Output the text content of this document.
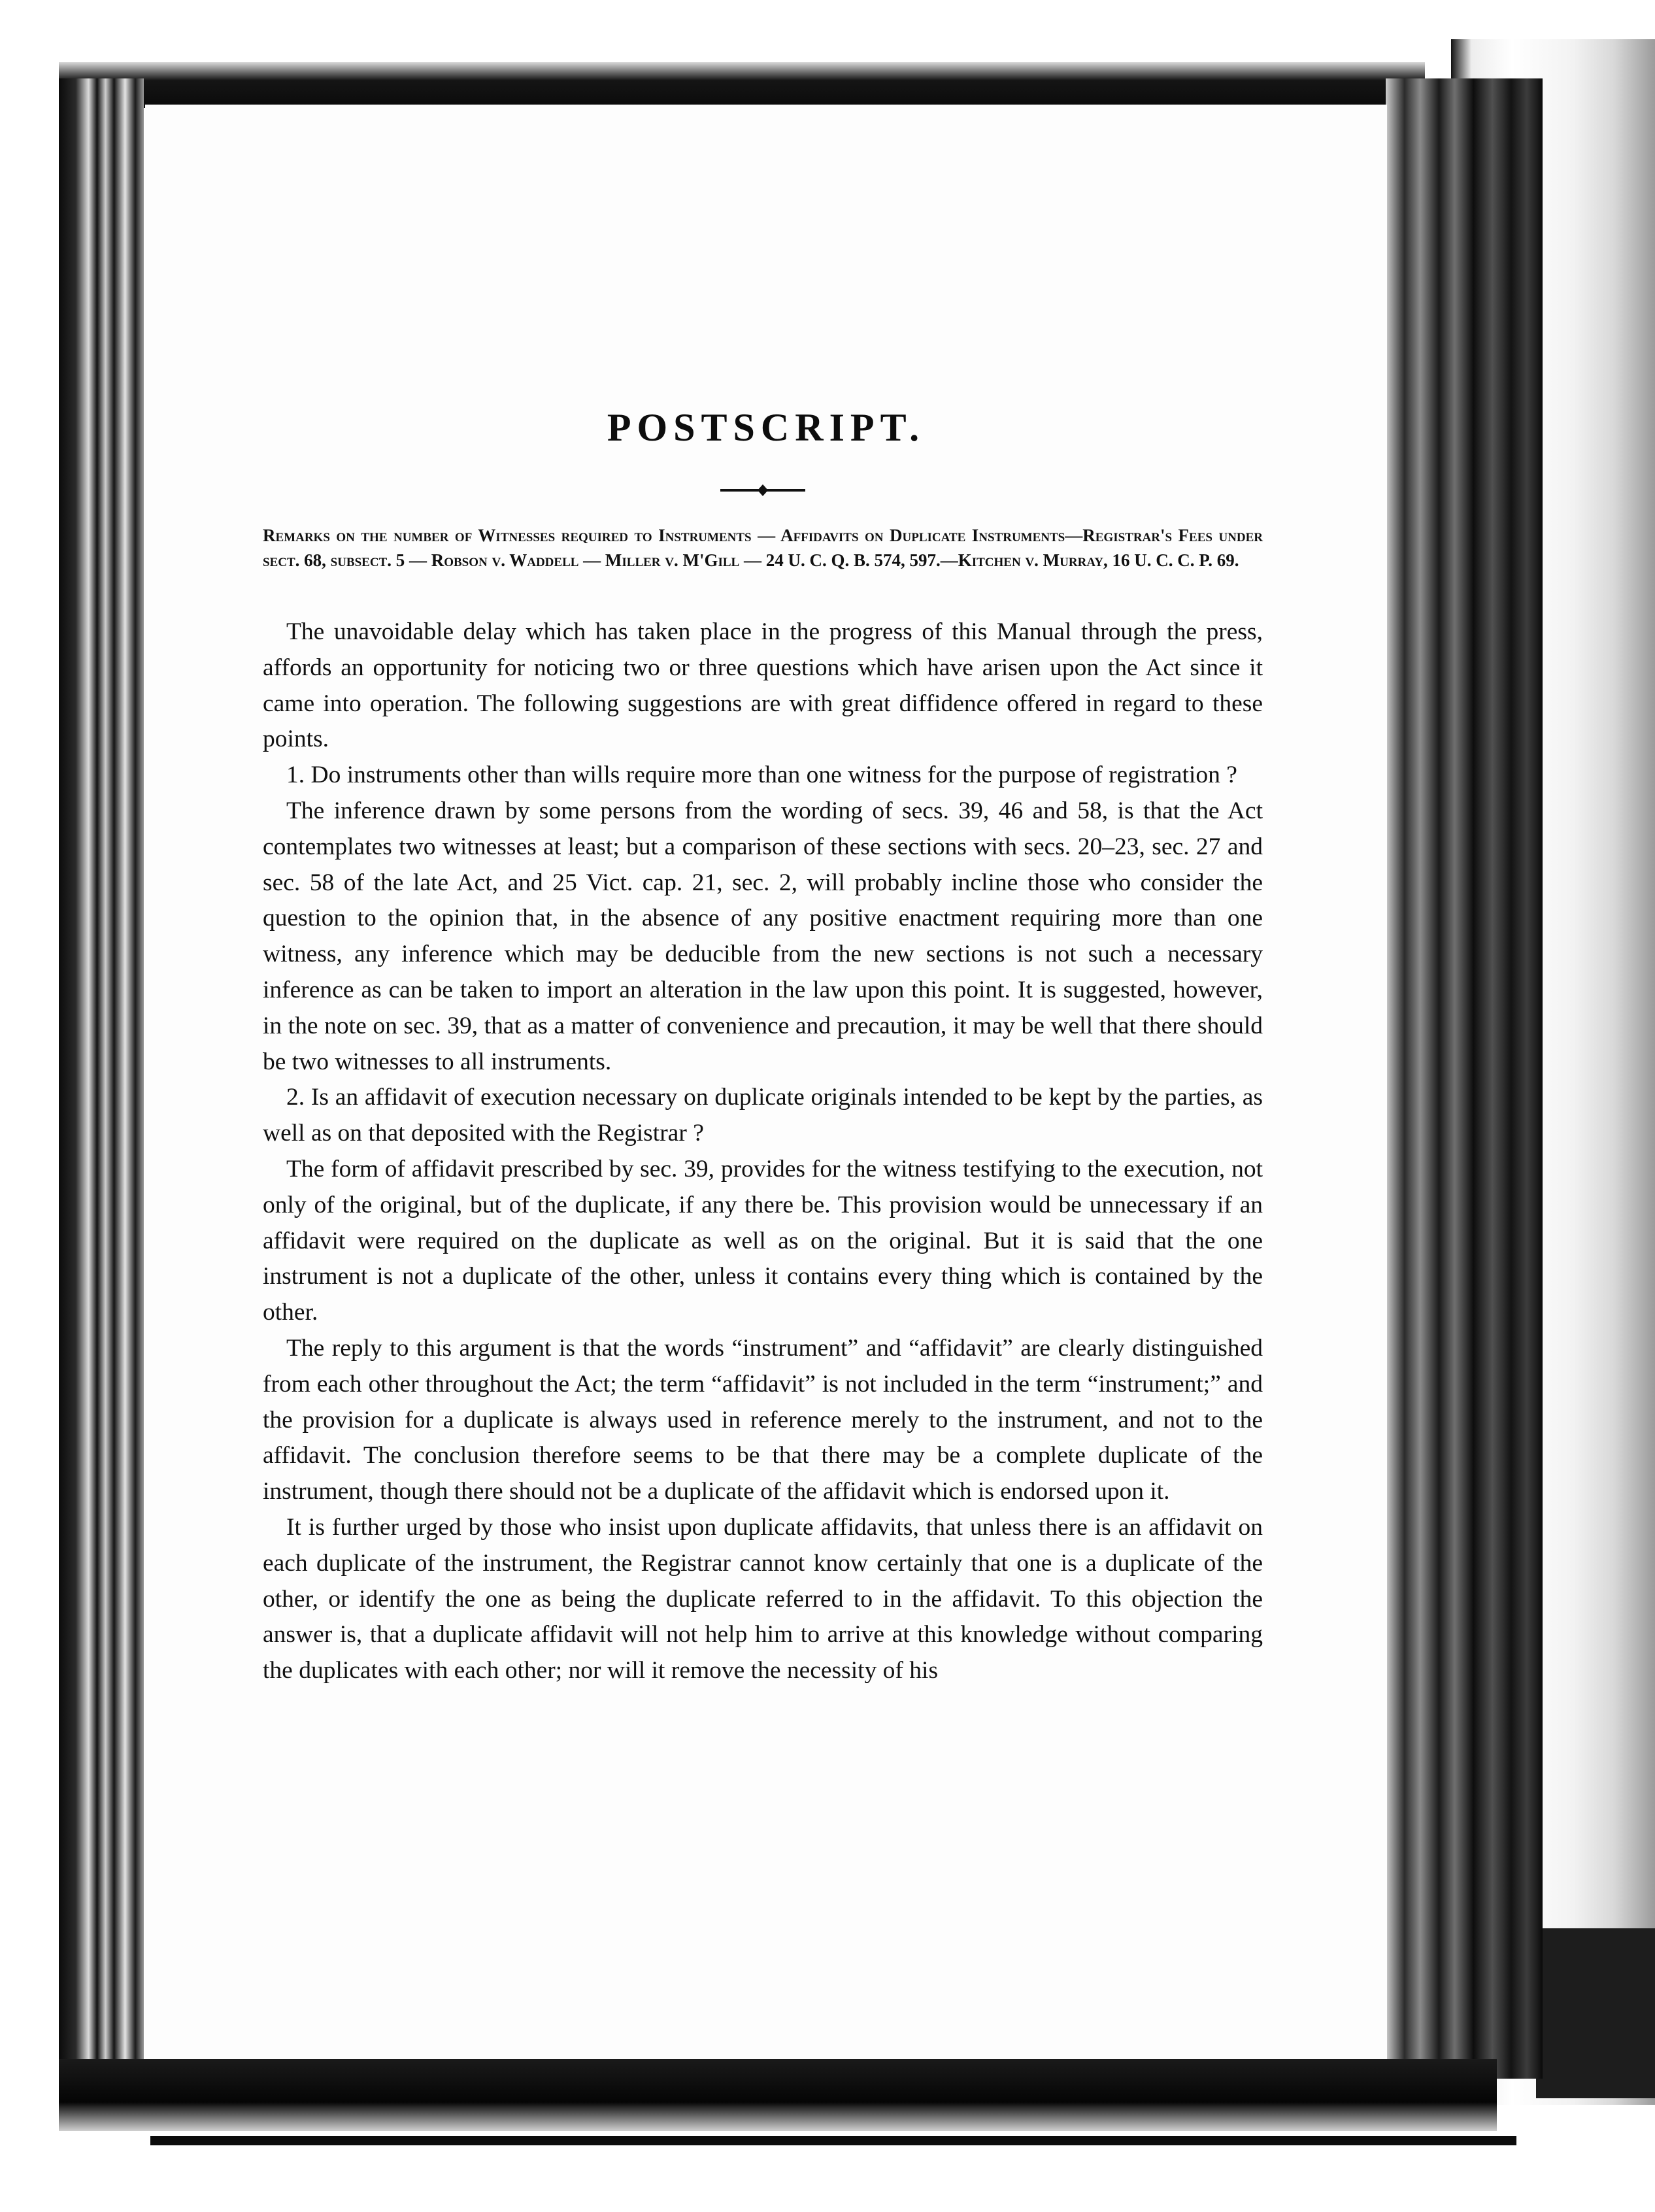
POSTSCRIPT.
Remarks on the number of Witnesses required to Instruments — Affidavits on Duplicate Instruments—Registrar's Fees under sect. 68, subsect. 5 — Robson v. Waddell — Miller v. M'Gill — 24 U. C. Q. B. 574, 597.—Kitchen v. Murray, 16 U. C. C. P. 69.

The unavoidable delay which has taken place in the progress of this Manual through the press, affords an opportunity for noticing two or three questions which have arisen upon the Act since it came into operation. The following suggestions are with great diffidence offered in regard to these points.

1. Do instruments other than wills require more than one witness for the purpose of registration ?

The inference drawn by some persons from the wording of secs. 39, 46 and 58, is that the Act contemplates two witnesses at least; but a comparison of these sections with secs. 20–23, sec. 27 and sec. 58 of the late Act, and 25 Vict. cap. 21, sec. 2, will probably incline those who consider the question to the opinion that, in the absence of any positive enactment requiring more than one witness, any inference which may be deducible from the new sections is not such a necessary inference as can be taken to import an alteration in the law upon this point. It is suggested, however, in the note on sec. 39, that as a matter of convenience and precaution, it may be well that there should be two witnesses to all instruments.

2. Is an affidavit of execution necessary on duplicate originals intended to be kept by the parties, as well as on that deposited with the Registrar ?

The form of affidavit prescribed by sec. 39, provides for the witness testifying to the execution, not only of the original, but of the duplicate, if any there be. This provision would be unnecessary if an affidavit were required on the duplicate as well as on the original. But it is said that the one instrument is not a duplicate of the other, unless it contains every thing which is contained by the other.

The reply to this argument is that the words “instrument” and “affidavit” are clearly distinguished from each other throughout the Act; the term “affidavit” is not included in the term “instrument;” and the provision for a duplicate is always used in reference merely to the instrument, and not to the affidavit. The conclusion therefore seems to be that there may be a complete duplicate of the instrument, though there should not be a duplicate of the affidavit which is endorsed upon it.

It is further urged by those who insist upon duplicate affidavits, that unless there is an affidavit on each duplicate of the instrument, the Registrar cannot know certainly that one is a duplicate of the other, or identify the one as being the duplicate referred to in the affidavit. To this objection the answer is, that a duplicate affidavit will not help him to arrive at this knowledge without comparing the duplicates with each other; nor will it remove the necessity of his
